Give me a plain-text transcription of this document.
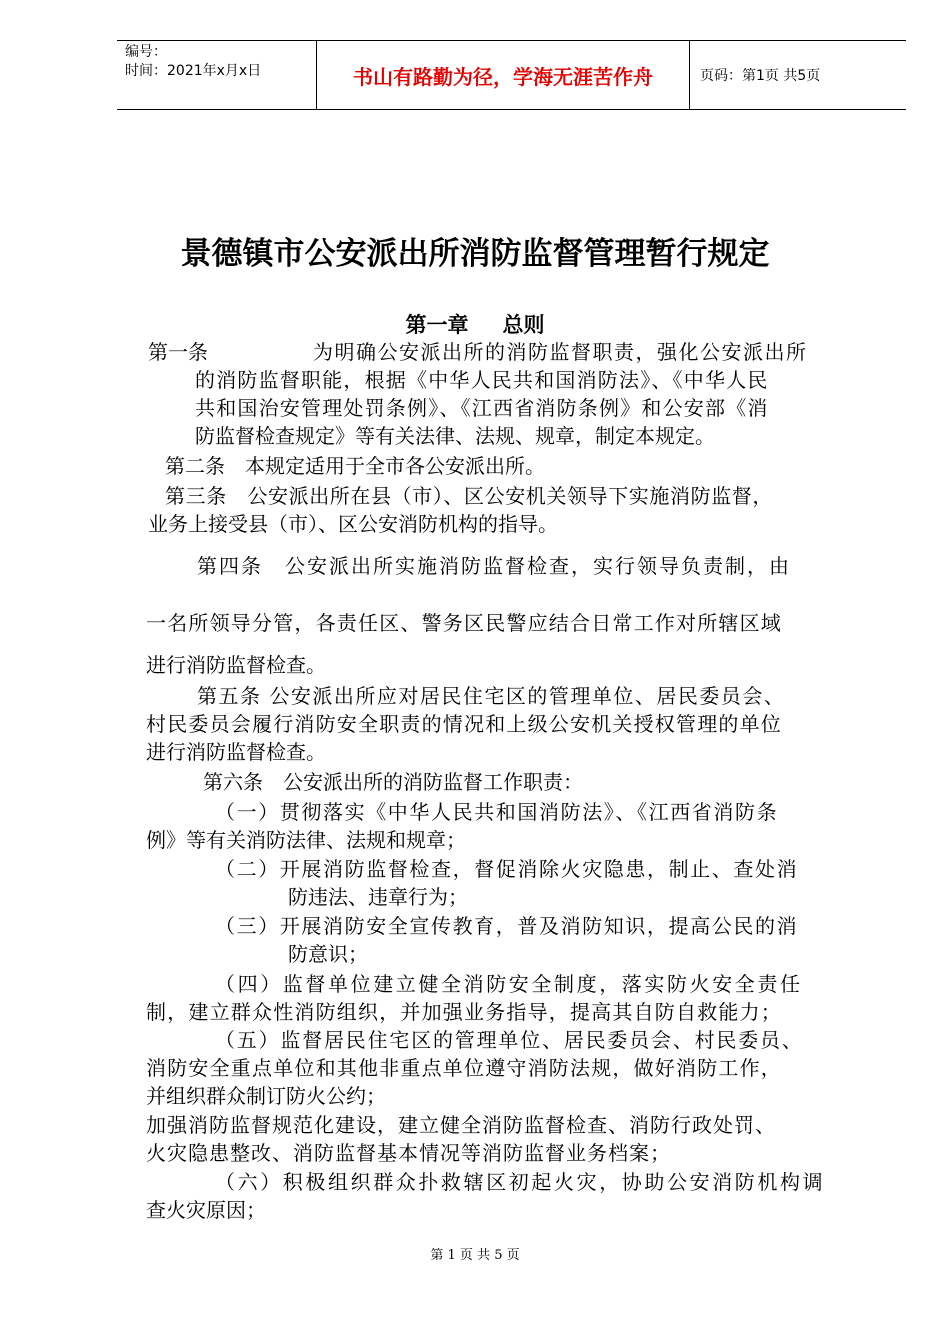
编号：
时间：2021年x月x日	书山有路勤为径，学海无涯苦作舟	页码：第1页 共5页
景德镇市公安派出所消防监督管理暂行规定
第一章 总则
第一条	为明确公安派出所的消防监督职责，强化公安派出所
的消防监督职能，根据《中华人民共和国消防法》、《中华人民
共和国治安管理处罚条例》、《江西省消防条例》和公安部《消
防监督检查规定》等有关法律、法规、规章，制定本规定。
第二条　本规定适用于全市各公安派出所。
第三条　公安派出所在县（市）、区公安机关领导下实施消防监督，
业务上接受县（市）、区公安消防机构的指导。
第四条　公安派出所实施消防监督检查，实行领导负责制，由
一名所领导分管，各责任区、警务区民警应结合日常工作对所辖区域
进行消防监督检查。
第五条 公安派出所应对居民住宅区的管理单位、居民委员会、
村民委员会履行消防安全职责的情况和上级公安机关授权管理的单位
进行消防监督检查。
第六条　公安派出所的消防监督工作职责：
（一）贯彻落实《中华人民共和国消防法》、《江西省消防条
例》等有关消防法律、法规和规章；
（二）开展消防监督检查，督促消除火灾隐患，制止、查处消
防违法、违章行为；
（三）开展消防安全宣传教育，普及消防知识，提高公民的消
防意识；
（四）监督单位建立健全消防安全制度，落实防火安全责任
制，建立群众性消防组织，并加强业务指导，提高其自防自救能力；
（五）监督居民住宅区的管理单位、居民委员会、村民委员、
消防安全重点单位和其他非重点单位遵守消防法规，做好消防工作，
并组织群众制订防火公约；
加强消防监督规范化建设，建立健全消防监督检查、消防行政处罚、
火灾隐患整改、消防监督基本情况等消防监督业务档案；
（六）积极组织群众扑救辖区初起火灾，协助公安消防机构调
查火灾原因；
第 1 页 共 5 页
